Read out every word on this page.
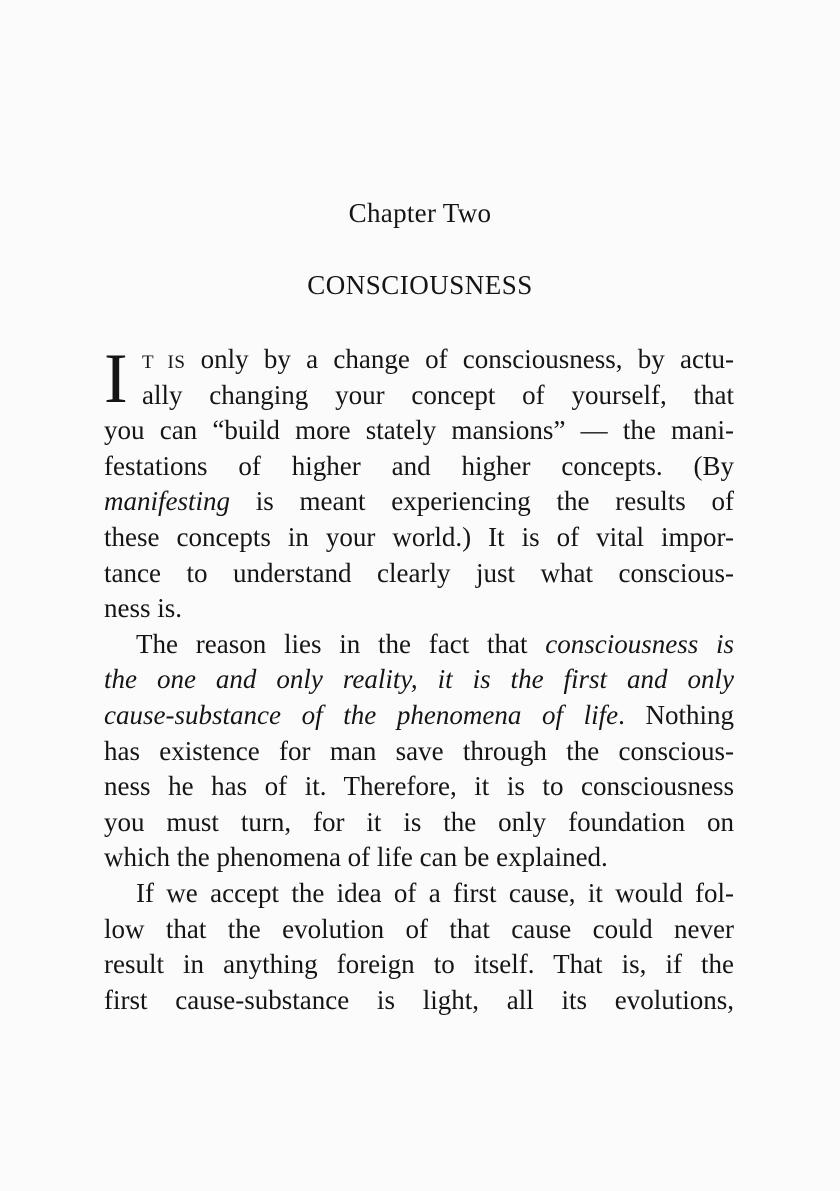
Chapter Two
CONSCIOUSNESS
I T IS only by a change of consciousness, by actu-
ally changing your concept of yourself, that
you can “build more stately mansions” — the mani-
festations of higher and higher concepts. (By
manifesting is meant experiencing the results of
these concepts in your world.) It is of vital impor-
tance to understand clearly just what conscious-
ness is.
The reason lies in the fact that consciousness is
the one and only reality, it is the first and only
cause-substance of the phenomena of life. Nothing
has existence for man save through the conscious-
ness he has of it. Therefore, it is to consciousness
you must turn, for it is the only foundation on
which the phenomena of life can be explained.
If we accept the idea of a first cause, it would fol-
low that the evolution of that cause could never
result in anything foreign to itself. That is, if the
first cause-substance is light, all its evolutions,
